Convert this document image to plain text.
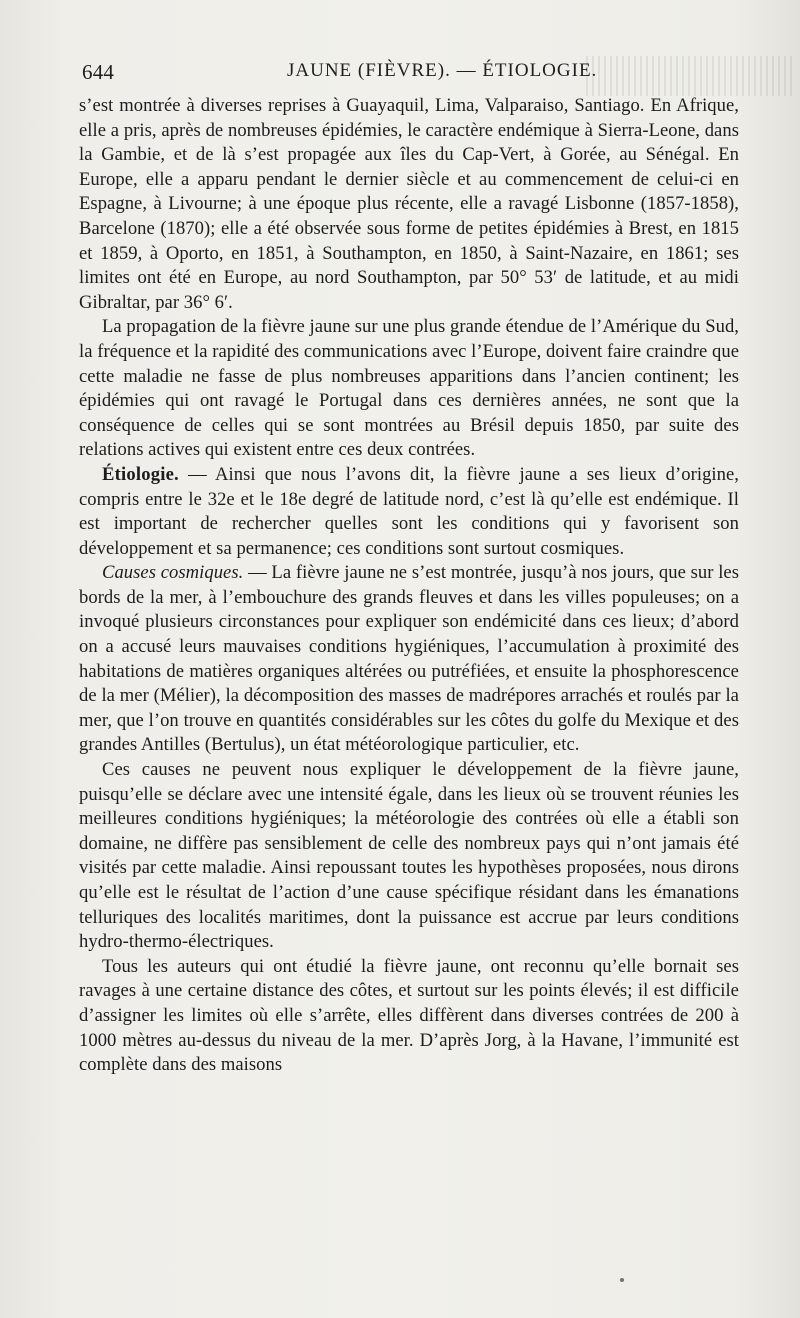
644	JAUNE (FIÈVRE). — ÉTIOLOGIE.

s’est montrée à diverses reprises à Guayaquil, Lima, Valparaiso, Santiago. En Afrique, elle a pris, après de nombreuses épidémies, le caractère endémique à Sierra-Leone, dans la Gambie, et de là s’est propagée aux îles du Cap-Vert, à Gorée, au Sénégal. En Europe, elle a apparu pendant le dernier siècle et au commencement de celui-ci en Espagne, à Livourne; à une époque plus récente, elle a ravagé Lisbonne (1857-1858), Barcelone (1870); elle a été observée sous forme de petites épidémies à Brest, en 1815 et 1859, à Oporto, en 1851, à Southampton, en 1850, à Saint-Nazaire, en 1861; ses limites ont été en Europe, au nord Southampton, par 50° 53′ de latitude, et au midi Gibraltar, par 36° 6′.

La propagation de la fièvre jaune sur une plus grande étendue de l’Amérique du Sud, la fréquence et la rapidité des communications avec l’Europe, doivent faire craindre que cette maladie ne fasse de plus nombreuses apparitions dans l’ancien continent; les épidémies qui ont ravagé le Portugal dans ces dernières années, ne sont que la conséquence de celles qui se sont montrées au Brésil depuis 1850, par suite des relations actives qui existent entre ces deux contrées.

Étiologie. — Ainsi que nous l’avons dit, la fièvre jaune a ses lieux d’origine, compris entre le 32e et le 18e degré de latitude nord, c’est là qu’elle est endémique. Il est important de rechercher quelles sont les conditions qui y favorisent son développement et sa permanence; ces conditions sont surtout cosmiques.

Causes cosmiques. — La fièvre jaune ne s’est montrée, jusqu’à nos jours, que sur les bords de la mer, à l’embouchure des grands fleuves et dans les villes populeuses; on a invoqué plusieurs circonstances pour expliquer son endémicité dans ces lieux; d’abord on a accusé leurs mauvaises conditions hygiéniques, l’accumulation à proximité des habitations de matières organiques altérées ou putréfiées, et ensuite la phosphorescence de la mer (Mélier), la décomposition des masses de madrépores arrachés et roulés par la mer, que l’on trouve en quantités considérables sur les côtes du golfe du Mexique et des grandes Antilles (Bertulus), un état météorologique particulier, etc.

Ces causes ne peuvent nous expliquer le développement de la fièvre jaune, puisqu’elle se déclare avec une intensité égale, dans les lieux où se trouvent réunies les meilleures conditions hygiéniques; la météorologie des contrées où elle a établi son domaine, ne diffère pas sensiblement de celle des nombreux pays qui n’ont jamais été visités par cette maladie. Ainsi repoussant toutes les hypothèses proposées, nous dirons qu’elle est le résultat de l’action d’une cause spécifique résidant dans les émanations telluriques des localités maritimes, dont la puissance est accrue par leurs conditions hydro-thermo-électriques.

Tous les auteurs qui ont étudié la fièvre jaune, ont reconnu qu’elle bornait ses ravages à une certaine distance des côtes, et surtout sur les points élevés; il est difficile d’assigner les limites où elle s’arrête, elles diffèrent dans diverses contrées de 200 à 1000 mètres au-dessus du niveau de la mer. D’après Jorg, à la Havane, l’immunité est complète dans des maisons
